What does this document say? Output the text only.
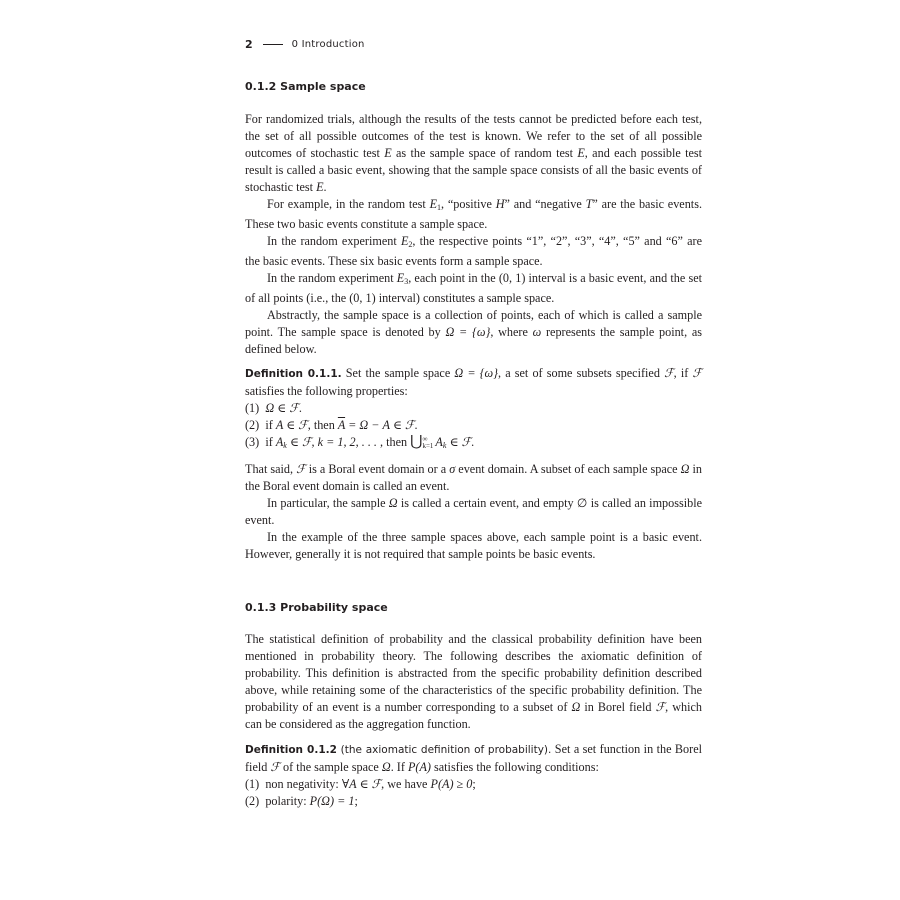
2	0 Introduction
0.1.2 Sample space

For randomized trials, although the results of the tests cannot be predicted before each test, the set of all possible outcomes of the test is known. We refer to the set of all possible outcomes of stochastic test E as the sample space of random test E, and each possible test result is called a basic event, showing that the sample space consists of all the basic events of stochastic test E.

For example, in the random test $E_1$, “positive H” and “negative T” are the basic events. These two basic events constitute a sample space.

In the random experiment $E_2$, the respective points “1”, “2”, “3”, “4”, “5” and “6” are the basic events. These six basic events form a sample space.

In the random experiment $E_3$, each point in the (0, 1) interval is a basic event, and the set of all points (i.e., the (0, 1) interval) constitutes a sample space.

Abstractly, the sample space is a collection of points, each of which is called a sample point. The sample space is denoted by Ω = {ω}, where ω represents the sample point, as defined below.

Definition 0.1.1. Set the sample space Ω = {ω}, a set of some subsets specified ℱ, if ℱ satisfies the following properties:

(1) Ω ∈ ℱ.

(2) if A ∈ ℱ, then $\overline{A} = \Omega - A$ ∈ ℱ.

(3) if $A_k$ ∈ ℱ, k = 1, 2, . . . , then ⋃∞
k=1 $A_k$ ∈ ℱ.

That said, ℱ is a Boral event domain or a σ event domain. A subset of each sample space Ω in the Boral event domain is called an event.

In particular, the sample Ω is called a certain event, and empty ∅ is called an impossible event.

In the example of the three sample spaces above, each sample point is a basic event. However, generally it is not required that sample points be basic events.

0.1.3 Probability space

The statistical definition of probability and the classical probability definition have been mentioned in probability theory. The following describes the axiomatic definition of probability. This definition is abstracted from the specific probability definition described above, while retaining some of the characteristics of the specific probability definition. The probability of an event is a number corresponding to a subset of Ω in Borel field ℱ, which can be considered as the aggregation function.

Definition 0.1.2 (the axiomatic definition of probability). Set a set function in the Borel field ℱ of the sample space Ω. If P(A) satisfies the following conditions:

(1) non negativity: ∀A ∈ ℱ, we have P(A) ≥ 0;

(2) polarity: P(Ω) = 1;
